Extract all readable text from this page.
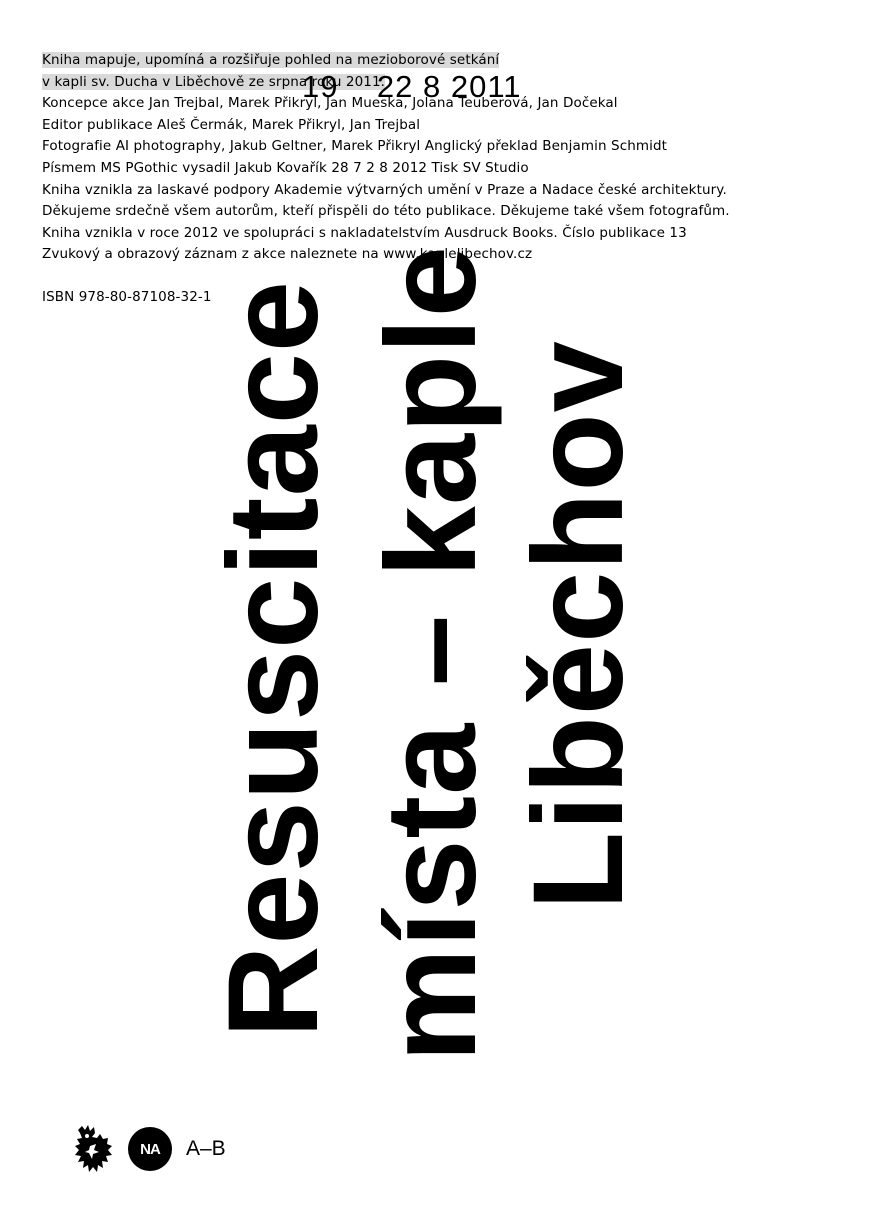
Kniha mapuje, upomíná a rozšiřuje pohled na mezioborové setkání
v kapli sv. Ducha v Liběchově ze srpna roku 2011.
Koncepce akce Jan Trejbal, Marek Přikryl, Jan Mueska, Jolana Teuberová, Jan Dočekal
Editor publikace Aleš Čermák, Marek Přikryl, Jan Trejbal
Fotografie AI photography, Jakub Geltner, Marek Přikryl Anglický překlad Benjamin Schmidt
Písmem MS PGothic vysadil Jakub Kovařík 28 7 2 8 2012 Tisk SV Studio
Kniha vznikla za laskavé podpory Akademie výtvarných umění v Praze a Nadace české architektury.
Děkujeme srdečně všem autorům, kteří přispěli do této publikace. Děkujeme také všem fotografům.
Kniha vznikla v roce 2012 ve spolupráci s nakladatelstvím Ausdruck Books. Číslo publikace 13
Zvukový a obrazový záznam z akce naleznete na www.kaplelibechov.cz
ISBN 978-80-87108-32-1
19    22 8 2011
Resuscitace místa – kaple Liběchov
NA A–B
